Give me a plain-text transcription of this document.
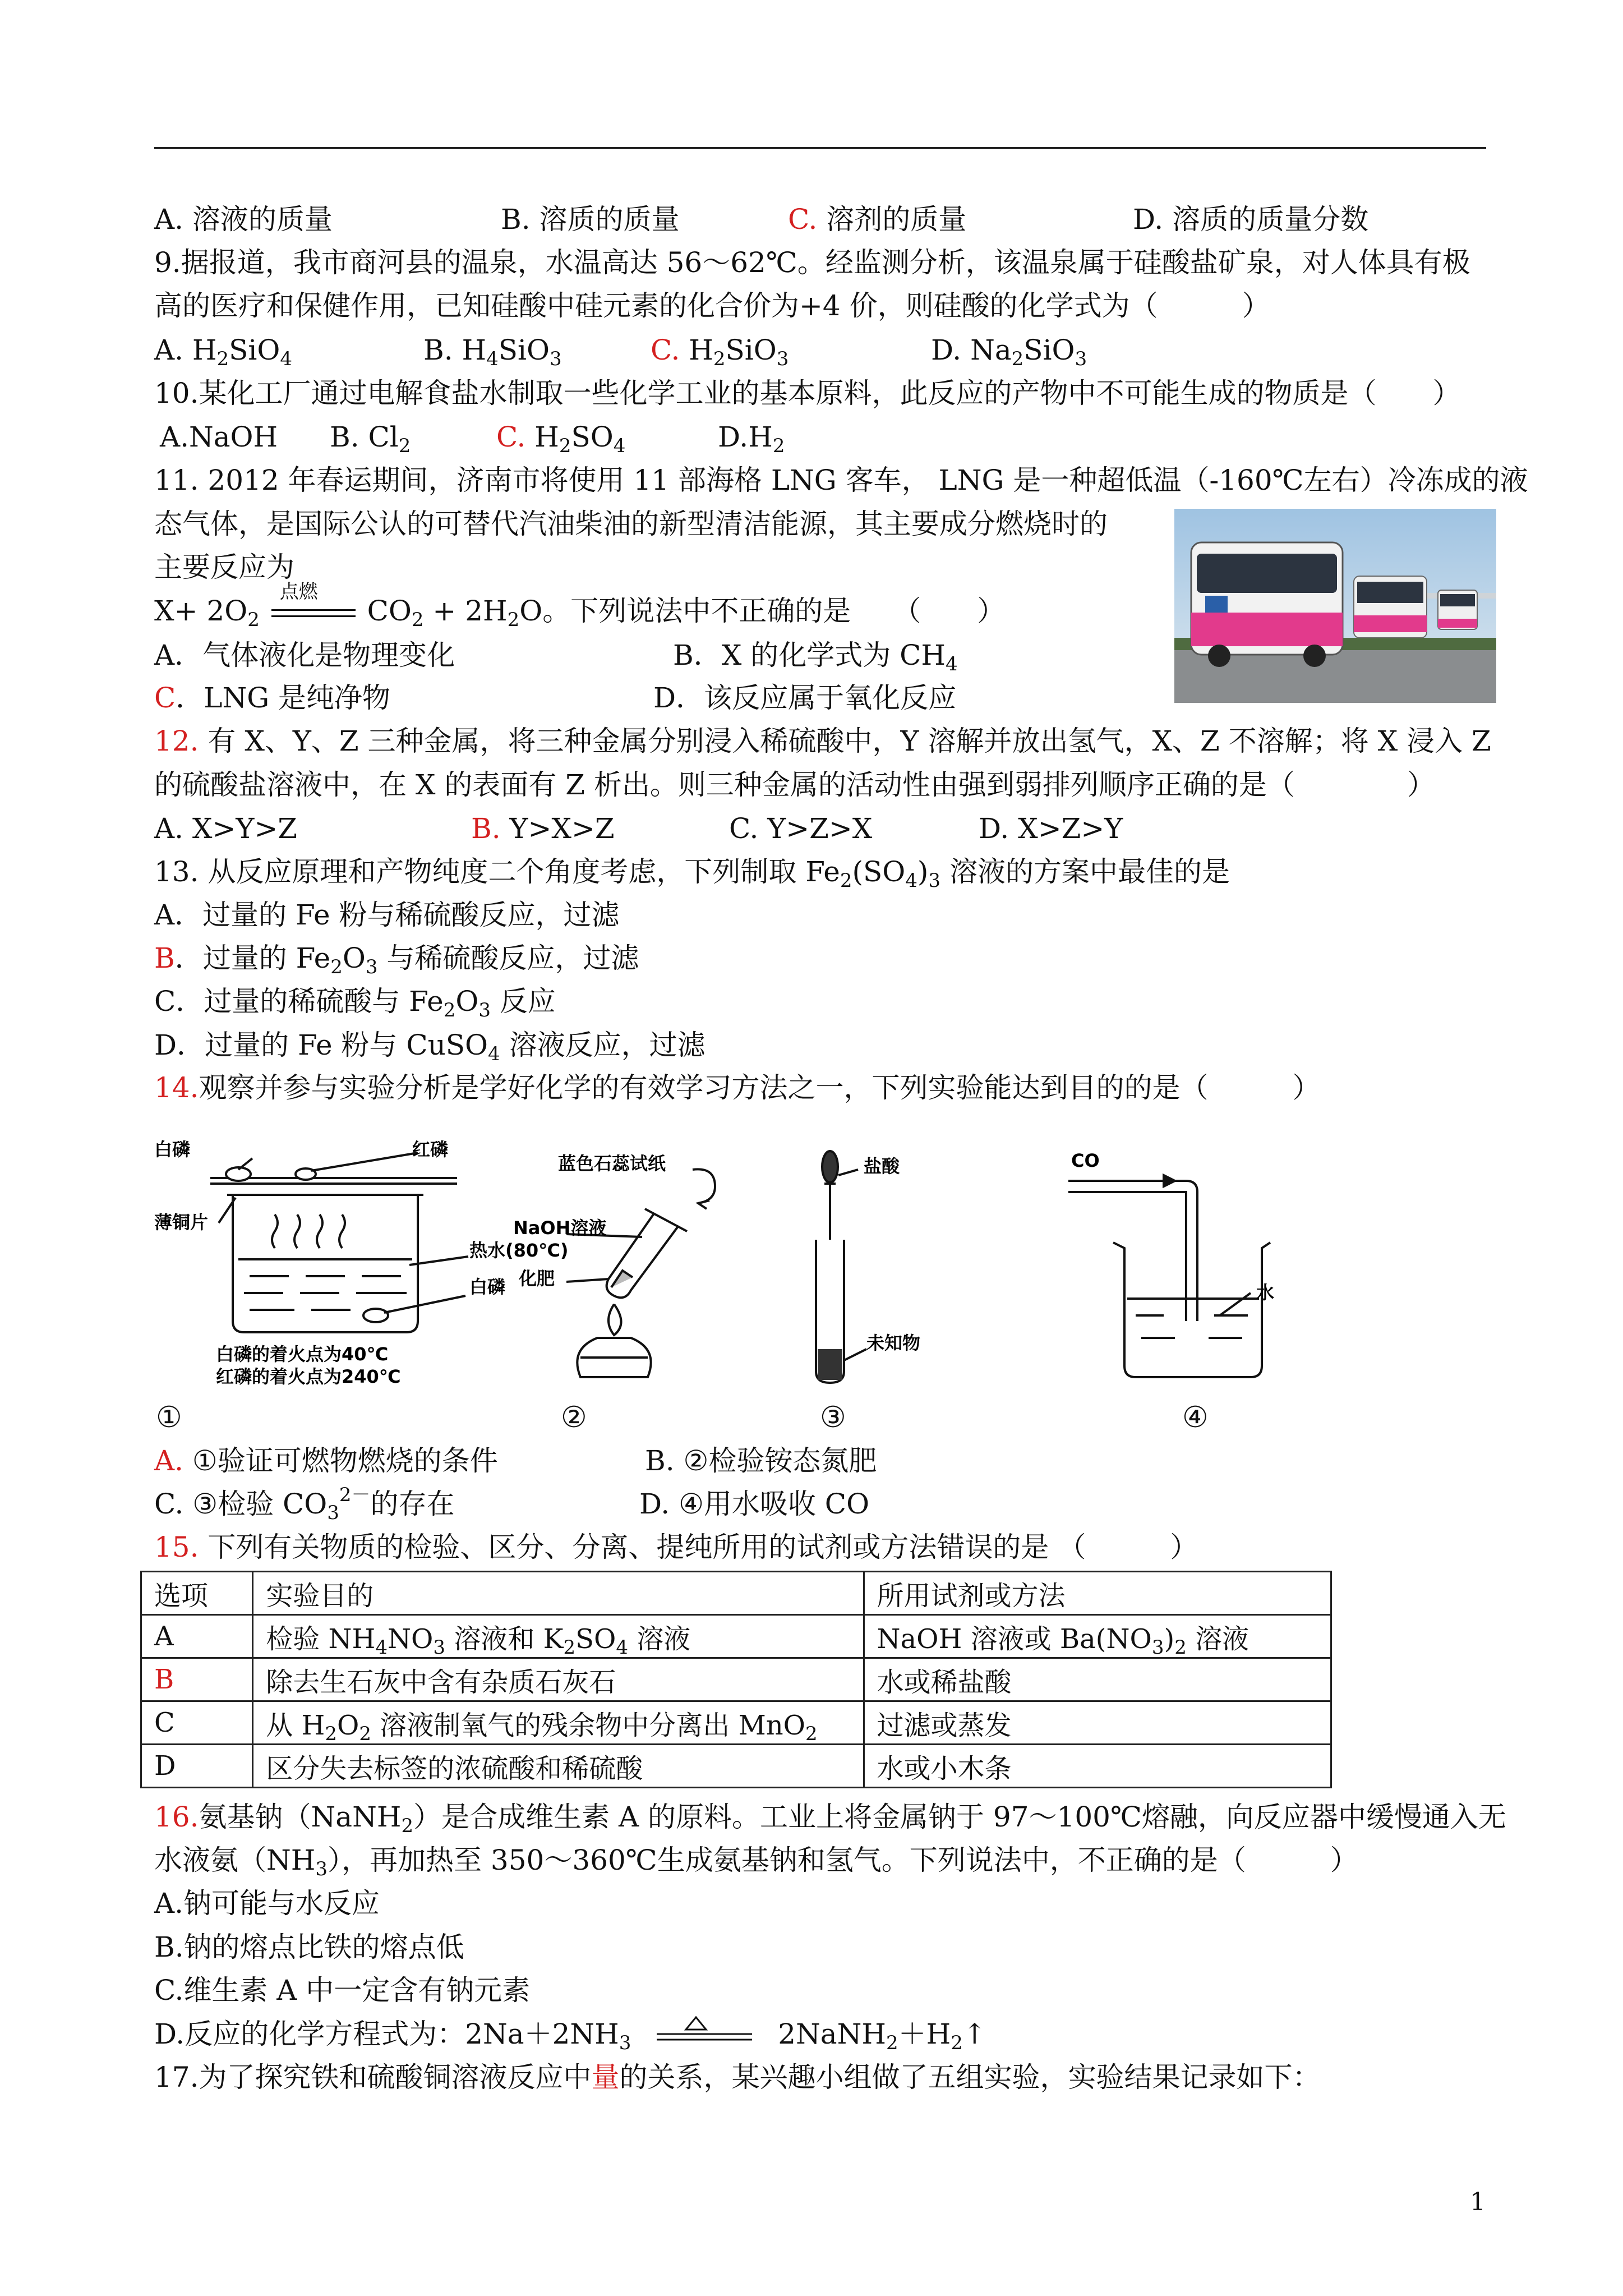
A. 溶液的质量	B. 溶质的质量	C. 溶剂的质量	D. 溶质的质量分数
9.据报道，我市商河县的温泉，水温高达 56～62℃。经监测分析，该温泉属于硅酸盐矿泉，对人体具有极
高的医疗和保健作用，已知硅酸中硅元素的化合价为+4 价，则硅酸的化学式为（　　　）
A. $H_2SiO_4$	B. $H_4SiO_3$	C. $H_2SiO_3$	D. $Na_2SiO_3$
10.某化工厂通过电解食盐水制取一些化学工业的基本原料，此反应的产物中不可能生成的物质是（　　）
A.NaOH B. $Cl_2$	C. $H_2SO_4$	$D.H_2$
11. 2012 年春运期间，济南市将使用 11 部海格 LNG 客车， LNG 是一种超低温（-160℃左右）冷冻成的液
态气体，是国际公认的可替代汽油柴油的新型清洁能源，其主要成分燃烧时的
主要反应为
$X+ 2O_2$
点燃
$CO_2 + 2H_2O$。下列说法中不正确的是　　（　　）
A．气体液化是物理变化	B．X 的化学式为 $CH_4$
C．LNG 是纯净物	D．该反应属于氧化反应
12. 有 X、Y、Z 三种金属，将三种金属分别浸入稀硫酸中，Y 溶解并放出氢气，X、Z 不溶解；将 X 浸入 Z
的硫酸盐溶液中，在 X 的表面有 Z 析出。则三种金属的活动性由强到弱排列顺序正确的是（　　　　）
A. X>Y>Z	B. Y>X>Z	C. Y>Z>X	D. X>Z>Y
13. 从反应原理和产物纯度二个角度考虑，下列制取 $Fe_2(SO_4)_3$ 溶液的方案中最佳的是
A．过量的 Fe 粉与稀硫酸反应，过滤
B．过量的 $Fe_2O_3$ 与稀硫酸反应，过滤
C．过量的稀硫酸与 $Fe_2O_3$ 反应
D．过量的 Fe 粉与 CuSO$_4$ 溶液反应，过滤
14.观察并参与实验分析是学好化学的有效学习方法之一，下列实验能达到目的的是（　　　）
白磷	红磷
薄铜片
热水(80℃)
白磷
白磷的着火点为40℃
红磷的着火点为240℃
蓝色石蕊试纸
NaOH溶液
化肥
盐酸
未知物
CO
水
①	②	③	④
A. ①验证可燃物燃烧的条件	B. ②检验铵态氮肥
C. ③检验 $CO_3^{2-}$的存在	D. ④用水吸收 CO
15. 下列有关物质的检验、区分、分离、提纯所用的试剂或方法错误的是 （　　　）
选项	实验目的	所用试剂或方法
A	检验 $NH_4NO_3$ 溶液和 $K_2SO_4$ 溶液	NaOH 溶液或 $Ba(NO_3)_2$ 溶液
B	除去生石灰中含有杂质石灰石	水或稀盐酸
C	从 $H_2O_2$ 溶液制氧气的残余物中分离出 MnO$_2$	过滤或蒸发
D	区分失去标签的浓硫酸和稀硫酸	水或小木条
16.氨基钠（NaNH$_2$）是合成维生素 A 的原料。工业上将金属钠于 97～100℃熔融，向反应器中缓慢通入无
水液氨$(NH_3)$，再加热至 350～360℃生成氨基钠和氢气。下列说法中，不正确的是（　　　）
A.钠可能与水反应
B.钠的熔点比铁的熔点低
C.维生素 A 中一定含有钠元素
D.反应的化学方程式为：$2Na+2NH_3$	$2NaNH_2+H_2↑$
17.为了探究铁和硫酸铜溶液反应中量的关系，某兴趣小组做了五组实验，实验结果记录如下：
1
